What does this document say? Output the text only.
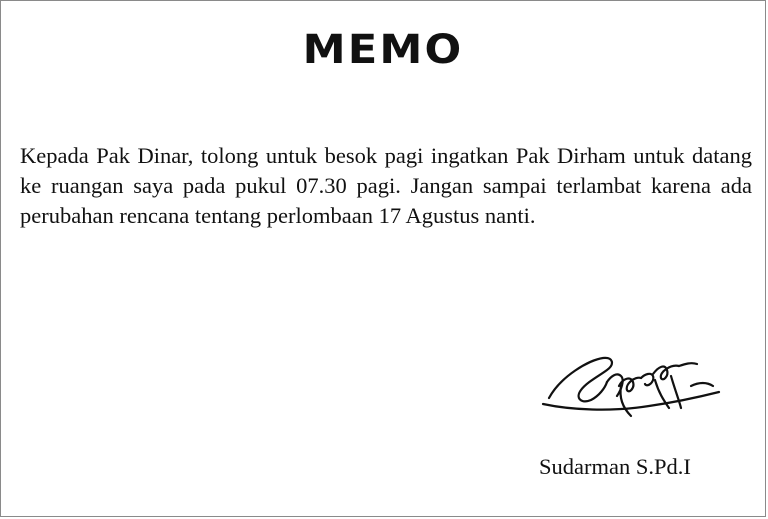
MEMO
Kepada Pak Dinar, tolong untuk besok pagi ingatkan Pak Dirham untuk datang ke ruangan saya pada pukul 07.30 pagi. Jangan sampai terlambat karena ada perubahan rencana tentang perlombaan 17 Agustus nanti.
Sudarman S.Pd.I
